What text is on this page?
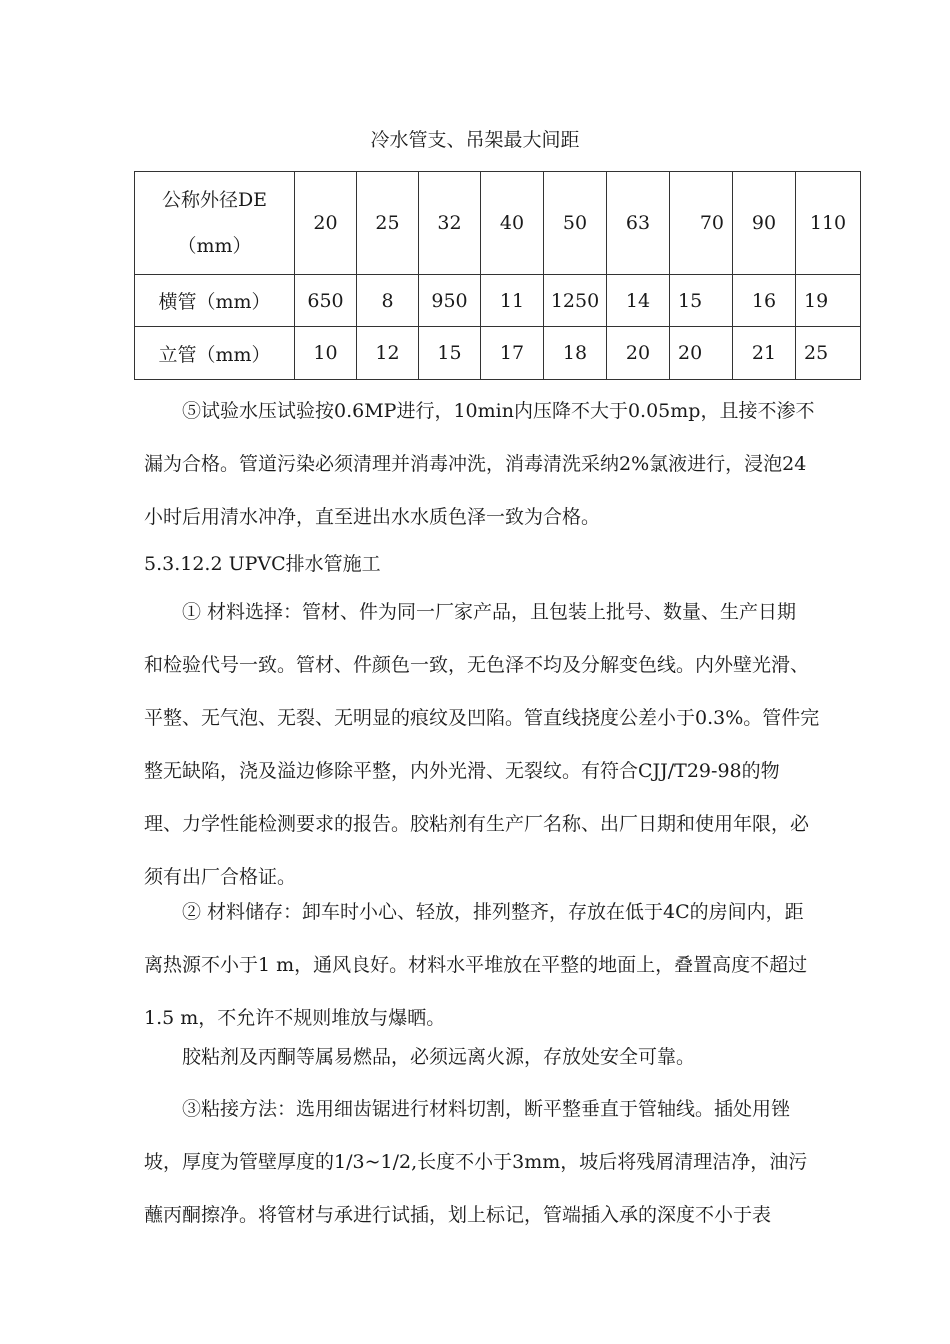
冷水管支、吊架最大间距
公称外径DE
（mm）	20	25	32	40	50	63	70	90	110
横管（mm）	650	8	950	11	1250	14	15	16	19
立管（mm）	10	12	15	17	18	20	20	21	25
⑤试验水压试验按0.6MP进行，10min内压降不大于0.05mp，且接不渗不
漏为合格。管道污染必须清理并消毒冲洗，消毒清洗采纳2%氯液进行，浸泡24
小时后用清水冲净，直至进出水水质色泽一致为合格。
5.3.12.2 UPVC排水管施工
① 材料选择：管材、件为同一厂家产品，且包装上批号、数量、生产日期
和检验代号一致。管材、件颜色一致，无色泽不均及分解变色线。内外壁光滑、
平整、无气泡、无裂、无明显的痕纹及凹陷。管直线挠度公差小于0.3%。管件完
整无缺陷，浇及溢边修除平整，内外光滑、无裂纹。有符合CJJ/T29-98的物
理、力学性能检测要求的报告。胶粘剂有生产厂名称、出厂日期和使用年限，必
须有出厂合格证。
② 材料储存：卸车时小心、轻放，排列整齐，存放在低于4C的房间内，距
离热源不小于1 m，通风良好。材料水平堆放在平整的地面上，叠置高度不超过
1.5 m，不允许不规则堆放与爆晒。
胶粘剂及丙酮等属易燃品，必须远离火源，存放处安全可靠。
③粘接方法：选用细齿锯进行材料切割，断平整垂直于管轴线。插处用锉
坡，厚度为管壁厚度的1/3~1/2,长度不小于3mm，坡后将残屑清理洁净，油污
蘸丙酮擦净。将管材与承进行试插，划上标记，管端插入承的深度不小于表
